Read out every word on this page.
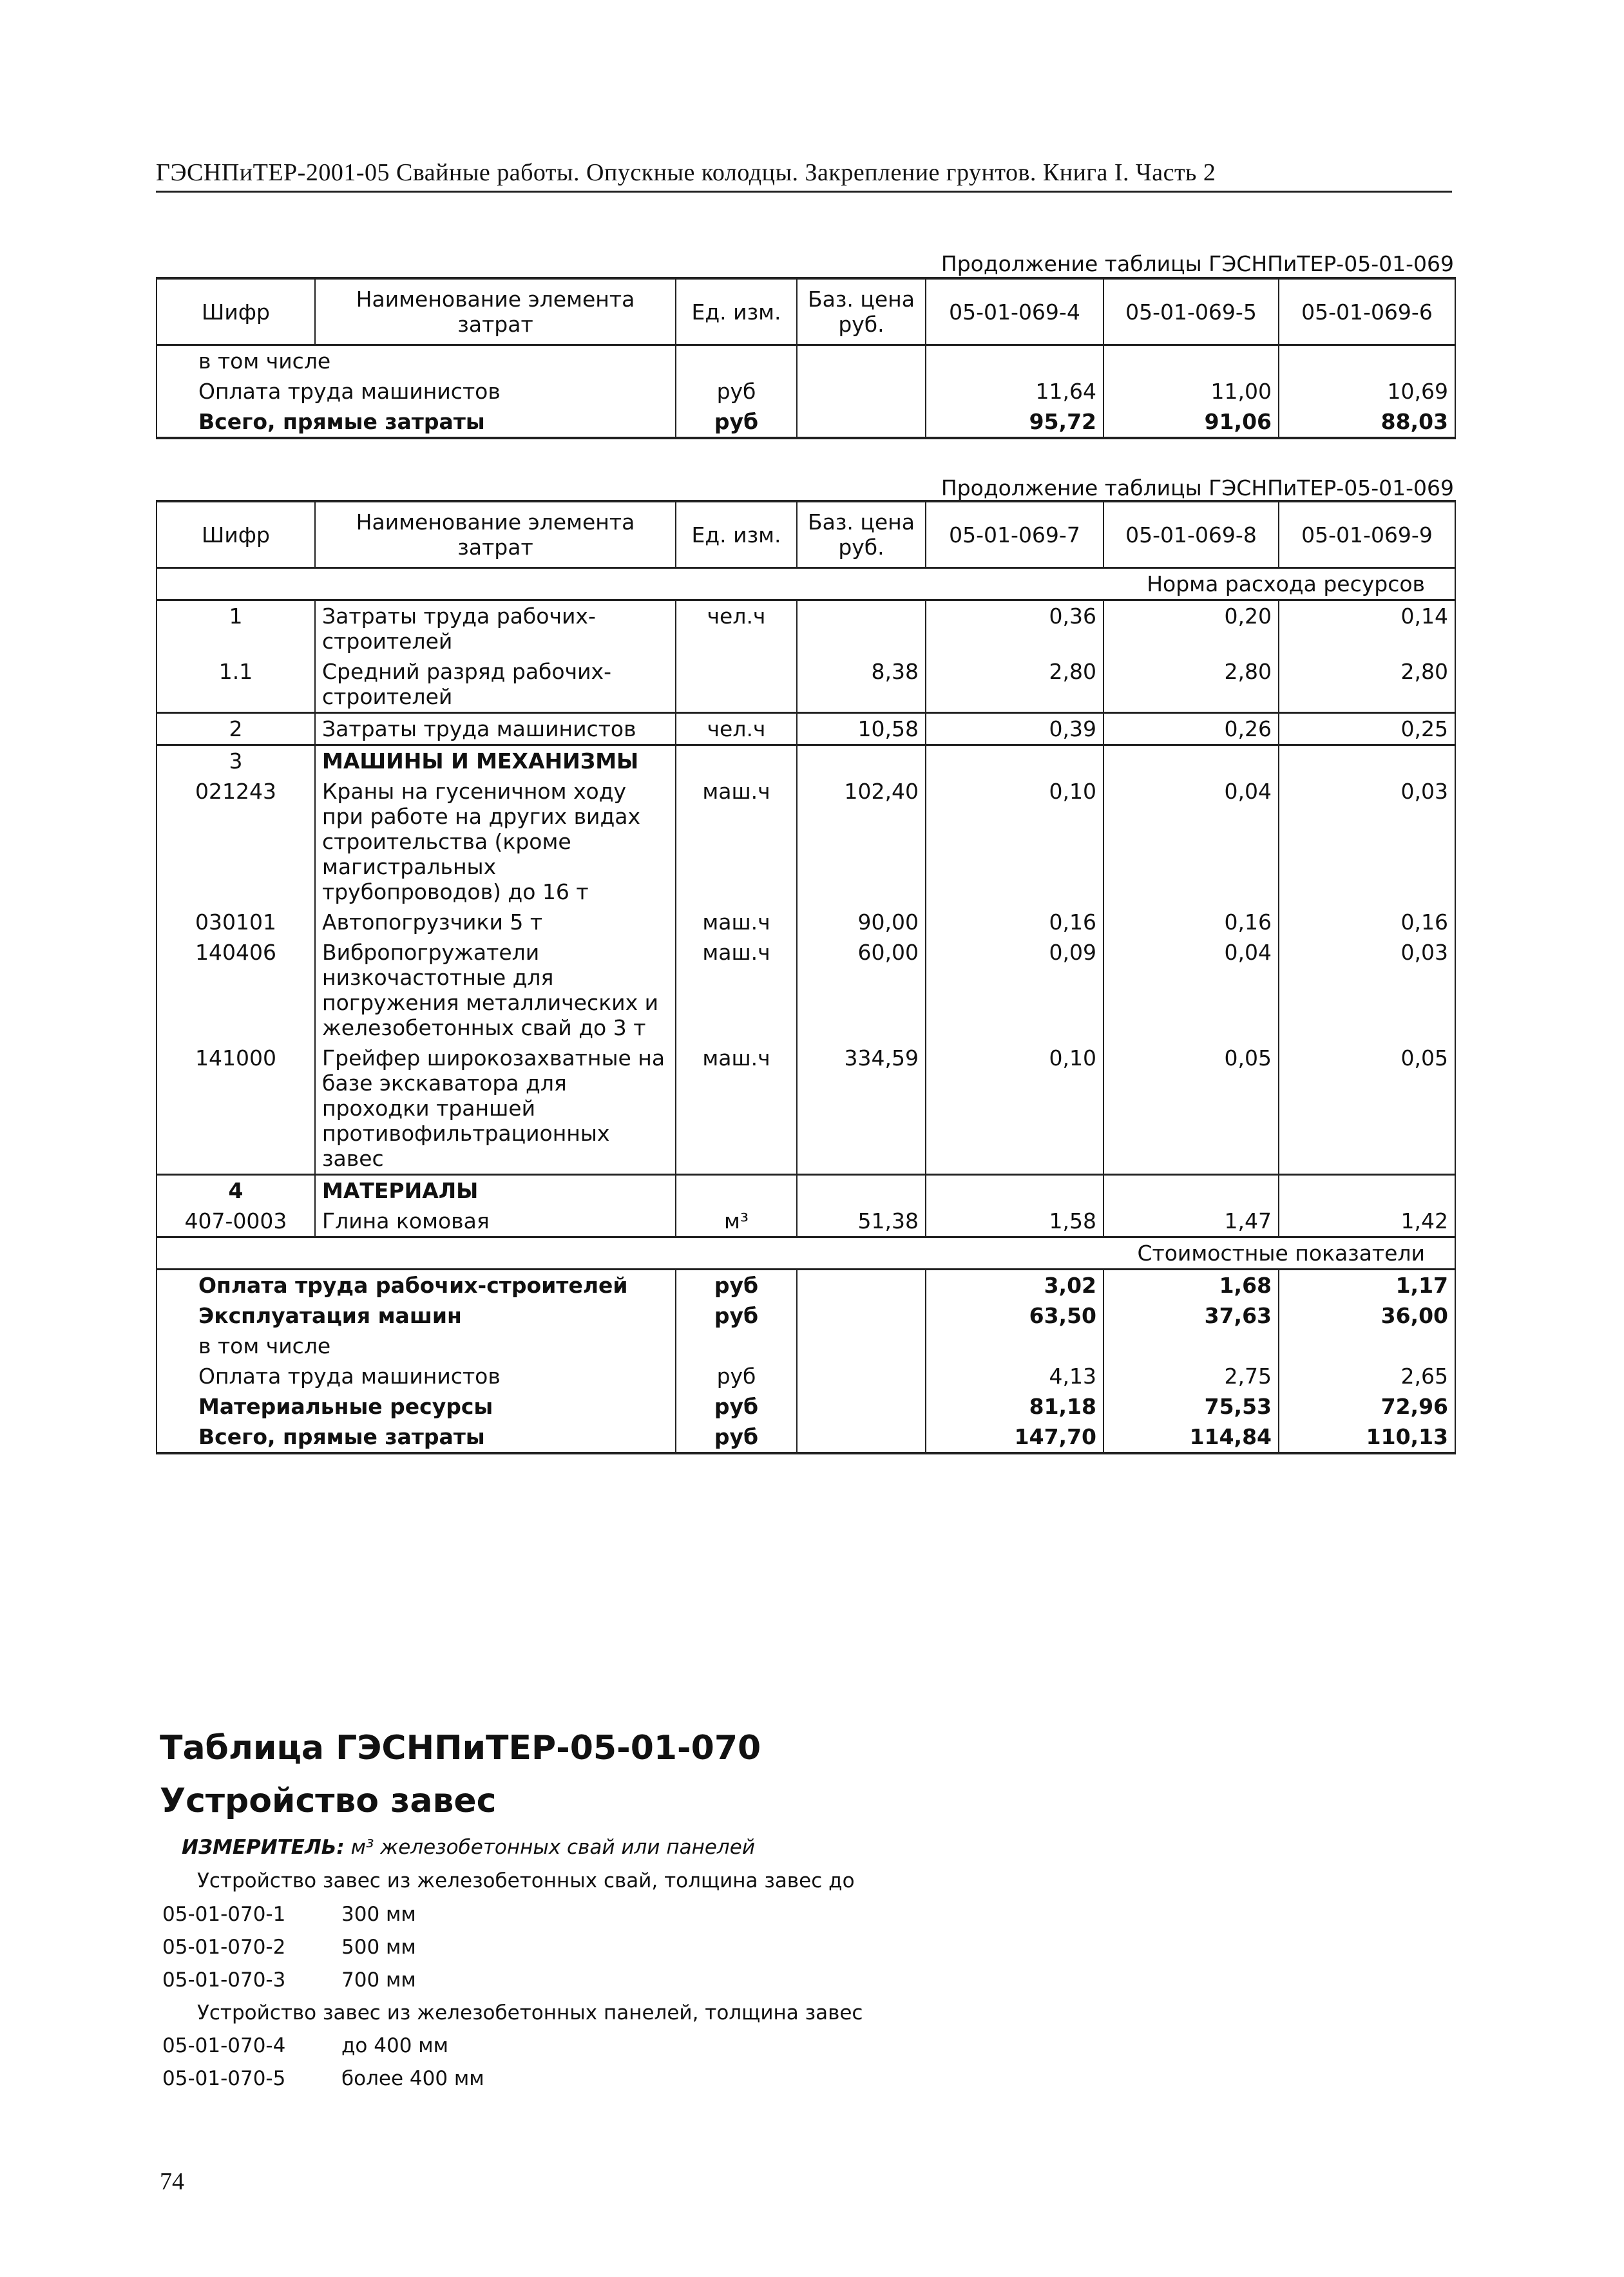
ГЭСНПиТЕР-2001-05 Свайные работы. Опускные колодцы. Закрепление грунтов. Книга I. Часть 2
Продолжение таблицы ГЭСНПиТЕР-05-01-069
Шифр	Наименование элемента затрат	Ед. изм.	Баз. цена руб.	05-01-069-4	05-01-069-5	05-01-069-6
в том числе						
Оплата труда машинистов		руб		11,64	11,00	10,69
Всего, прямые затраты		руб		95,72	91,06	88,03
Продолжение таблицы ГЭСНПиТЕР-05-01-069
Шифр	Наименование элемента затрат	Ед. изм.	Баз. цена руб.	05-01-069-7	05-01-069-8	05-01-069-9
Норма расхода ресурсов						
1	Затраты труда рабочих-строителей	чел.ч		0,36	0,20	0,14
1.1	Средний разряд рабочих-строителей		8,38	2,80	2,80	2,80
2	Затраты труда машинистов	чел.ч	10,58	0,39	0,26	0,25
3	МАШИНЫ И МЕХАНИЗМЫ					
021243	Краны на гусеничном ходу при работе на других видах строительства (кроме магистральных трубопроводов) до 16 т	маш.ч	102,40	0,10	0,04	0,03
030101	Автопогрузчики 5 т	маш.ч	90,00	0,16	0,16	0,16
140406	Вибропогружатели низкочастотные для погружения металлических и железобетонных свай до 3 т	маш.ч	60,00	0,09	0,04	0,03
141000	Грейфер широкозахватные на базе экскаватора для проходки траншей противофильтрационных завес	маш.ч	334,59	0,10	0,05	0,05
4	МАТЕРИАЛЫ					
407-0003	Глина комовая	м³	51,38	1,58	1,47	1,42
Стоимостные показатели						
Оплата труда рабочих-строителей		руб		3,02	1,68	1,17
Эксплуатация машин		руб		63,50	37,63	36,00
в том числе						
Оплата труда машинистов		руб		4,13	2,75	2,65
Материальные ресурсы		руб		81,18	75,53	72,96
Всего, прямые затраты		руб		147,70	114,84	110,13
Таблица ГЭСНПиТЕР-05-01-070
Устройство завес
ИЗМЕРИТЕЛЬ: м³ железобетонных свай или панелей
Устройство завес из железобетонных свай, толщина завес до
05-01-070-1	300 мм
05-01-070-2	500 мм
05-01-070-3	700 мм
Устройство завес из железобетонных панелей, толщина завес
05-01-070-4	до 400 мм
05-01-070-5	более 400 мм
74
